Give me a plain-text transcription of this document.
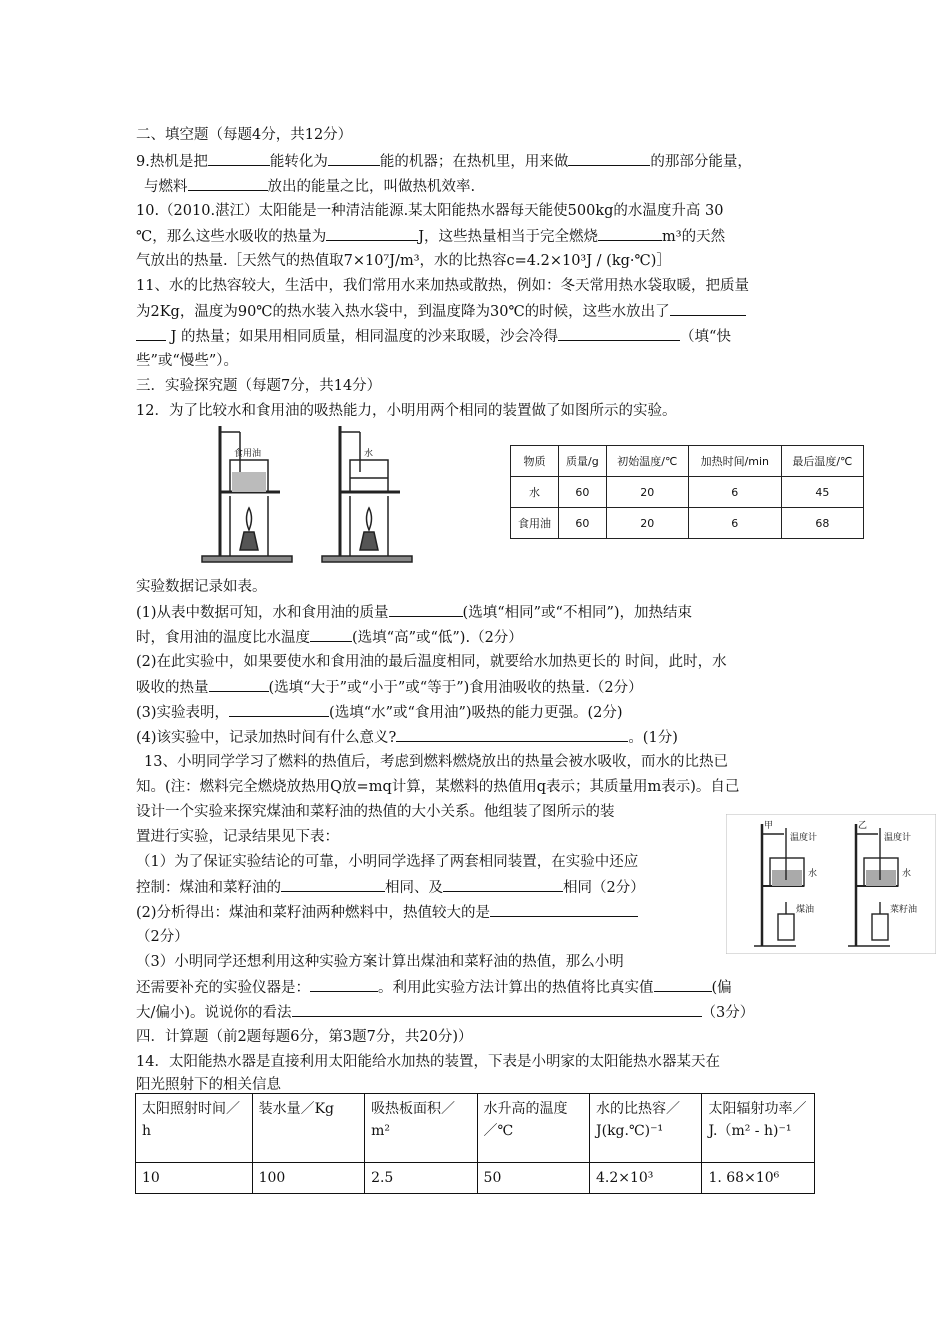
二、填空题（每题4分，共12分）
9.热机是把	能转化为	能的机器；在热机里，用来做	的那部分能量，
与燃料	放出的能量之比，叫做热机效率.
10.（2010.湛江）太阳能是一种清洁能源.某太阳能热水器每天能使500kg的水温度升高 30
℃，那么这些水吸收的热量为	J，这些热量相当于完全燃烧	m³的天然
气放出的热量.［天然气的热值取7×10⁷J/m³，水的比热容c=4.2×10³J / (kg·℃)］
11、水的比热容较大，生活中，我们常用水来加热或散热，例如：冬天常用热水袋取暖，把质量
为2Kg，温度为90℃的热水装入热水袋中，到温度降为30℃的时候，这些水放出了
J 的热量；如果用相同质量，相同温度的沙来取暖，沙会冷得	（填“快
些”或“慢些”）。
三．实验探究题（每题7分，共14分）
12．为了比较水和食用油的吸热能力，小明用两个相同的装置做了如图所示的实验。
食用油	水
物质	质量/g	初始温度/℃	加热时间/min	最后温度/℃
水	60	20	6	45
食用油	60	20	6	68
实验数据记录如表。
(1)从表中数据可知，水和食用油的质量	(选填“相同”或“不相同”)，加热结束
时，食用油的温度比水温度	(选填“高”或“低”).（2分）
(2)在此实验中，如果要使水和食用油的最后温度相同，就要给水加热更长的 时间，此时，水
吸收的热量	(选填“大于”或“小于”或“等于”)食用油吸收的热量.（2分）
(3)实验表明，	(选填“水”或“食用油”)吸热的能力更强。(2分)
(4)该实验中，记录加热时间有什么意义?	。(1分)
13、小明同学学习了燃料的热值后，考虑到燃料燃烧放出的热量会被水吸收，而水的比热已
知。(注：燃料完全燃烧放热用Q放=mq计算，某燃料的热值用q表示；其质量用m表示)。自己
设计一个实验来探究煤油和菜籽油的热值的大小关系。他组装了图所示的装
置进行实验，记录结果见下表：
（1）为了保证实验结论的可靠，小明同学选择了两套相同装置，在实验中还应
控制：煤油和菜籽油的	相同、及	相同（2分）
(2)分析得出：煤油和菜籽油两种燃料中，热值较大的是
（2分）
（3）小明同学还想利用这种实验方案计算出煤油和菜籽油的热值，那么小明
还需要补充的实验仪器是：	。利用此实验方法计算出的热值将比真实值	(偏
大/偏小)。说说你的看法	（3分）
甲
温度计
水
煤油
乙
温度计
水
菜籽油
四．计算题（前2题每题6分，第3题7分，共20分)）
14．太阳能热水器是直接利用太阳能给水加热的装置，下表是小明家的太阳能热水器某天在
阳光照射下的相关信息
太阳照射时间／h	装水量／Kg	吸热板面积／m²	水升高的温度／℃	水的比热容／J(kg.℃)⁻¹	太阳辐射功率／J.（m² - h)⁻¹
10	100	2.5	50	4.2×10³	1. 68×10⁶
